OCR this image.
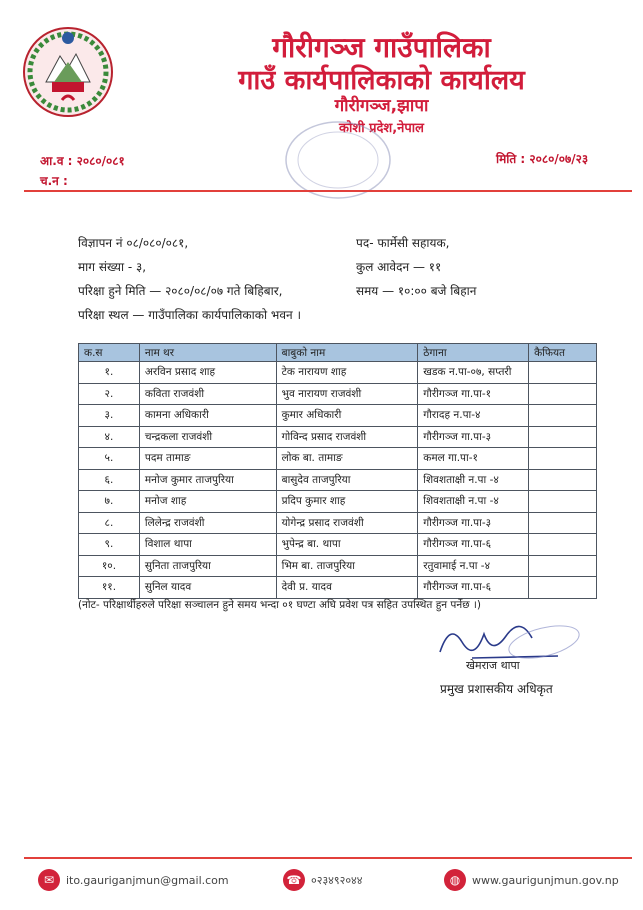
गौरीगञ्ज गाउँपालिका
गाउँ कार्यपालिकाको कार्यालय
गौरीगञ्ज,झापा
कोशी प्रदेश,नेपाल
आ.व : २०८०/०८१
च.न :
मिति : २०८०/०७/२३
विज्ञापन नं ०८/०८०/०८१,	पद- फार्मेसी सहायक,
माग संख्या - ३,	कुल आवेदन — ११
परिक्षा हुने मिति — २०८०/०८/०७ गते बिहिबार,	समय — १०:०० बजे बिहान
परिक्षा स्थल — गाउँपालिका कार्यपालिकाको भवन ।
क.स	नाम थर	बाबुको नाम	ठेगाना	कैफियत
१.	अरविन प्रसाद शाह	टेक नारायण शाह	खडक न.पा-०७, सप्तरी	
२.	कविता राजवंशी	भुव नारायण राजवंशी	गौरीगञ्ज गा.पा-१	
३.	कामना अधिकारी	कुमार अधिकारी	गौरादह न.पा-४	
४.	चन्द्रकला राजवंशी	गोविन्द प्रसाद राजवंशी	गौरीगञ्ज गा.पा-३	
५.	पदम तामाङ	लोक बा. तामाङ	कमल गा.पा-१	
६.	मनोज कुमार ताजपुरिया	बासुदेव ताजपुरिया	शिवशताक्षी न.पा -४	
७.	मनोज शाह	प्रदिप कुमार शाह	शिवशताक्षी न.पा -४	
८.	लिलेन्द्र राजवंशी	योगेन्द्र प्रसाद राजवंशी	गौरीगञ्ज गा.पा-३	
९.	विशाल थापा	भुपेन्द्र बा. थापा	गौरीगञ्ज गा.पा-६	
१०.	सुनिता ताजपुरिया	भिम बा. ताजपुरिया	रतुवामाई न.पा -४	
११.	सुनिल यादव	देवी प्र. यादव	गौरीगञ्ज गा.पा-६	
(नोट- परिक्षार्थीहरुले परिक्षा सञ्चालन हुने समय भन्दा ०१ घण्टा अघि प्रवेश पत्र सहित उपस्थित हुन पर्नेछ ।)
खेमराज थापा
प्रमुख प्रशासकीय अधिकृत
✉	ito.gauriganjmun@gmail.com	☎ ०२३४९२०४४	◍	www.gaurigunjmun.gov.np
